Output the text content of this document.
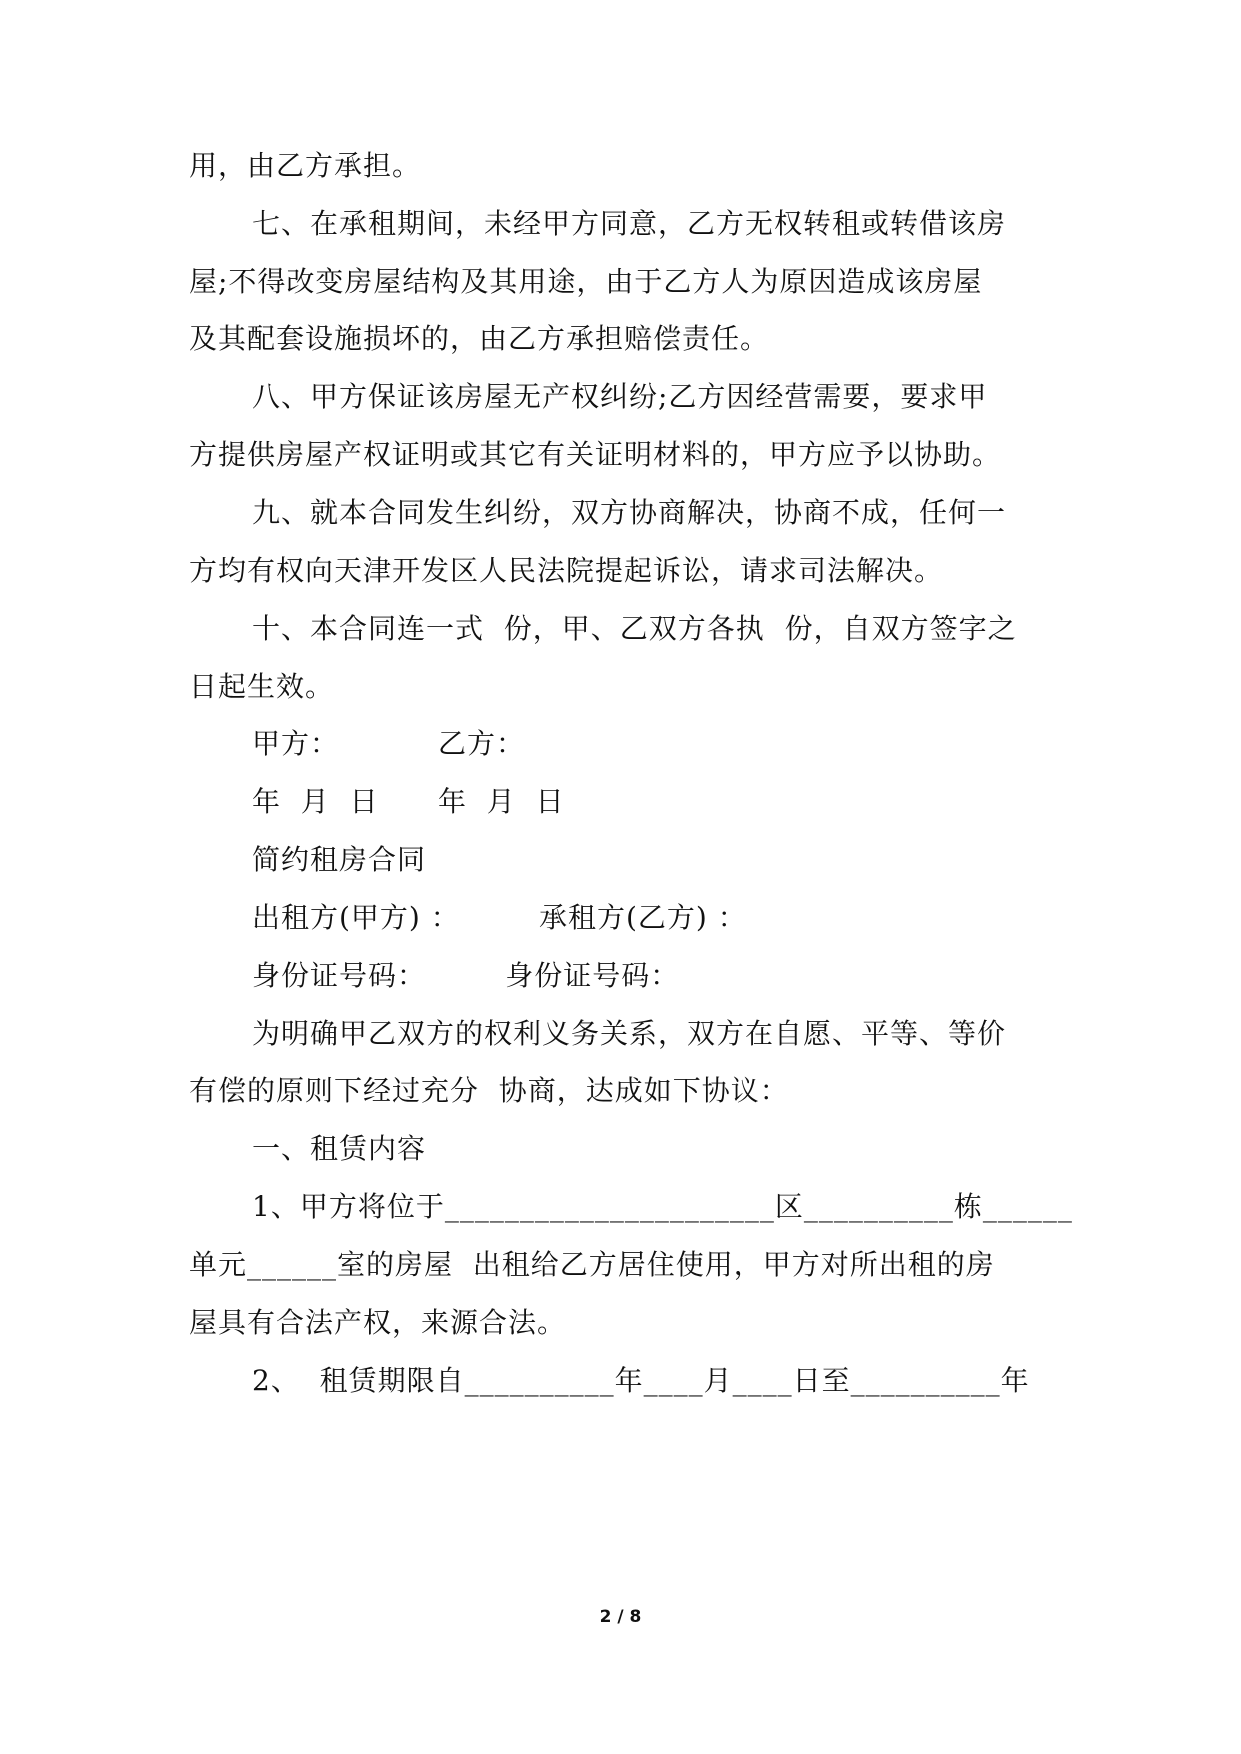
用，由乙方承担。
七、在承租期间，未经甲方同意，乙方无权转租或转借该房
屋;不得改变房屋结构及其用途，由于乙方人为原因造成该房屋
及其配套设施损坏的，由乙方承担赔偿责任。
八、甲方保证该房屋无产权纠纷;乙方因经营需要，要求甲
方提供房屋产权证明或其它有关证明材料的，甲方应予以协助。
九、就本合同发生纠纷，双方协商解决，协商不成，任何一
方均有权向天津开发区人民法院提起诉讼，请求司法解决。
十、本合同连一式  份，甲、乙双方各执  份，自双方签字之
日起生效。
甲方：          乙方：
年  月  日      年  月  日
简约租房合同
出租方(甲方) ：        承租方(乙方) ：
身份证号码：        身份证号码：
为明确甲乙双方的权利义务关系，双方在自愿、平等、等价
有偿的原则下经过充分  协商，达成如下协议：
一、租赁内容
1、甲方将位于______________________区__________栋______
单元______室的房屋  出租给乙方居住使用，甲方对所出租的房
屋具有合法产权，来源合法。
2、  租赁期限自__________年____月____日至__________年
2 / 8
